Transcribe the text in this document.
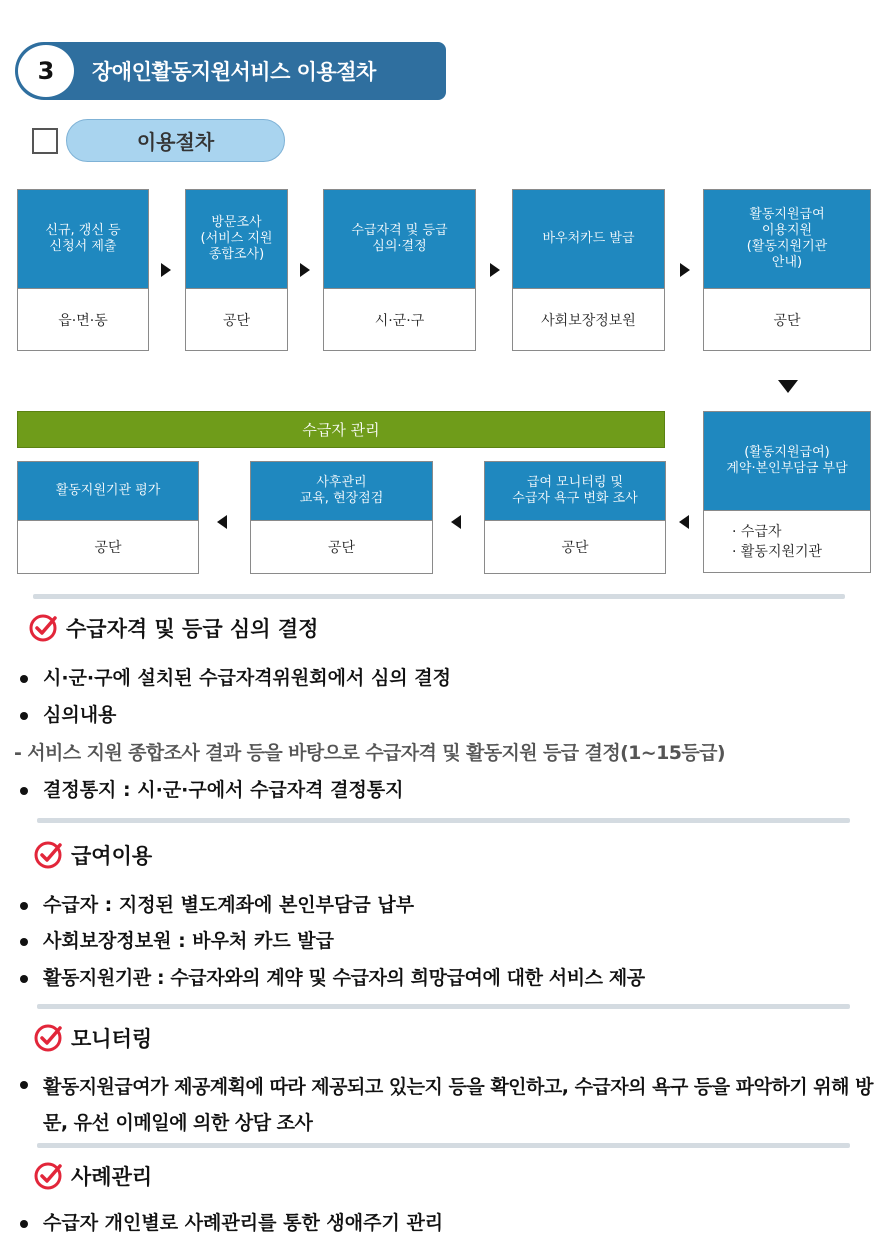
3	장애인활동지원서비스 이용절차
이용절차
신규, 갱신 등
신청서 제출
읍·면·동
방문조사
(서비스 지원
종합조사)
공단
수급자격 및 등급
심의·결정
시·군·구
바우처카드 발급
사회보장정보원
활동지원급여
이용지원
(활동지원기관
안내)
공단
수급자 관리
(활동지원급여)
계약·본인부담금 부담
· 수급자
· 활동지원기관
활동지원기관 평가
공단
사후관리
교육, 현장점검
공단
급여 모니터링 및
수급자 욕구 변화 조사
공단
수급자격 및 등급 심의 결정
시·군·구에 설치된 수급자격위원회에서 심의 결정
심의내용
- 서비스 지원 종합조사 결과 등을 바탕으로 수급자격 및 활동지원 등급 결정(1~15등급)
결정통지 : 시·군·구에서 수급자격 결정통지
급여이용
수급자 : 지정된 별도계좌에 본인부담금 납부
사회보장정보원 : 바우처 카드 발급
활동지원기관 : 수급자와의 계약 및 수급자의 희망급여에 대한 서비스 제공
모니터링
활동지원급여가 제공계획에 따라 제공되고 있는지 등을 확인하고, 수급자의 욕구 등을 파악하기 위해 방문, 유선 이메일에 의한 상담 조사
사례관리
수급자 개인별로 사례관리를 통한 생애주기 관리
